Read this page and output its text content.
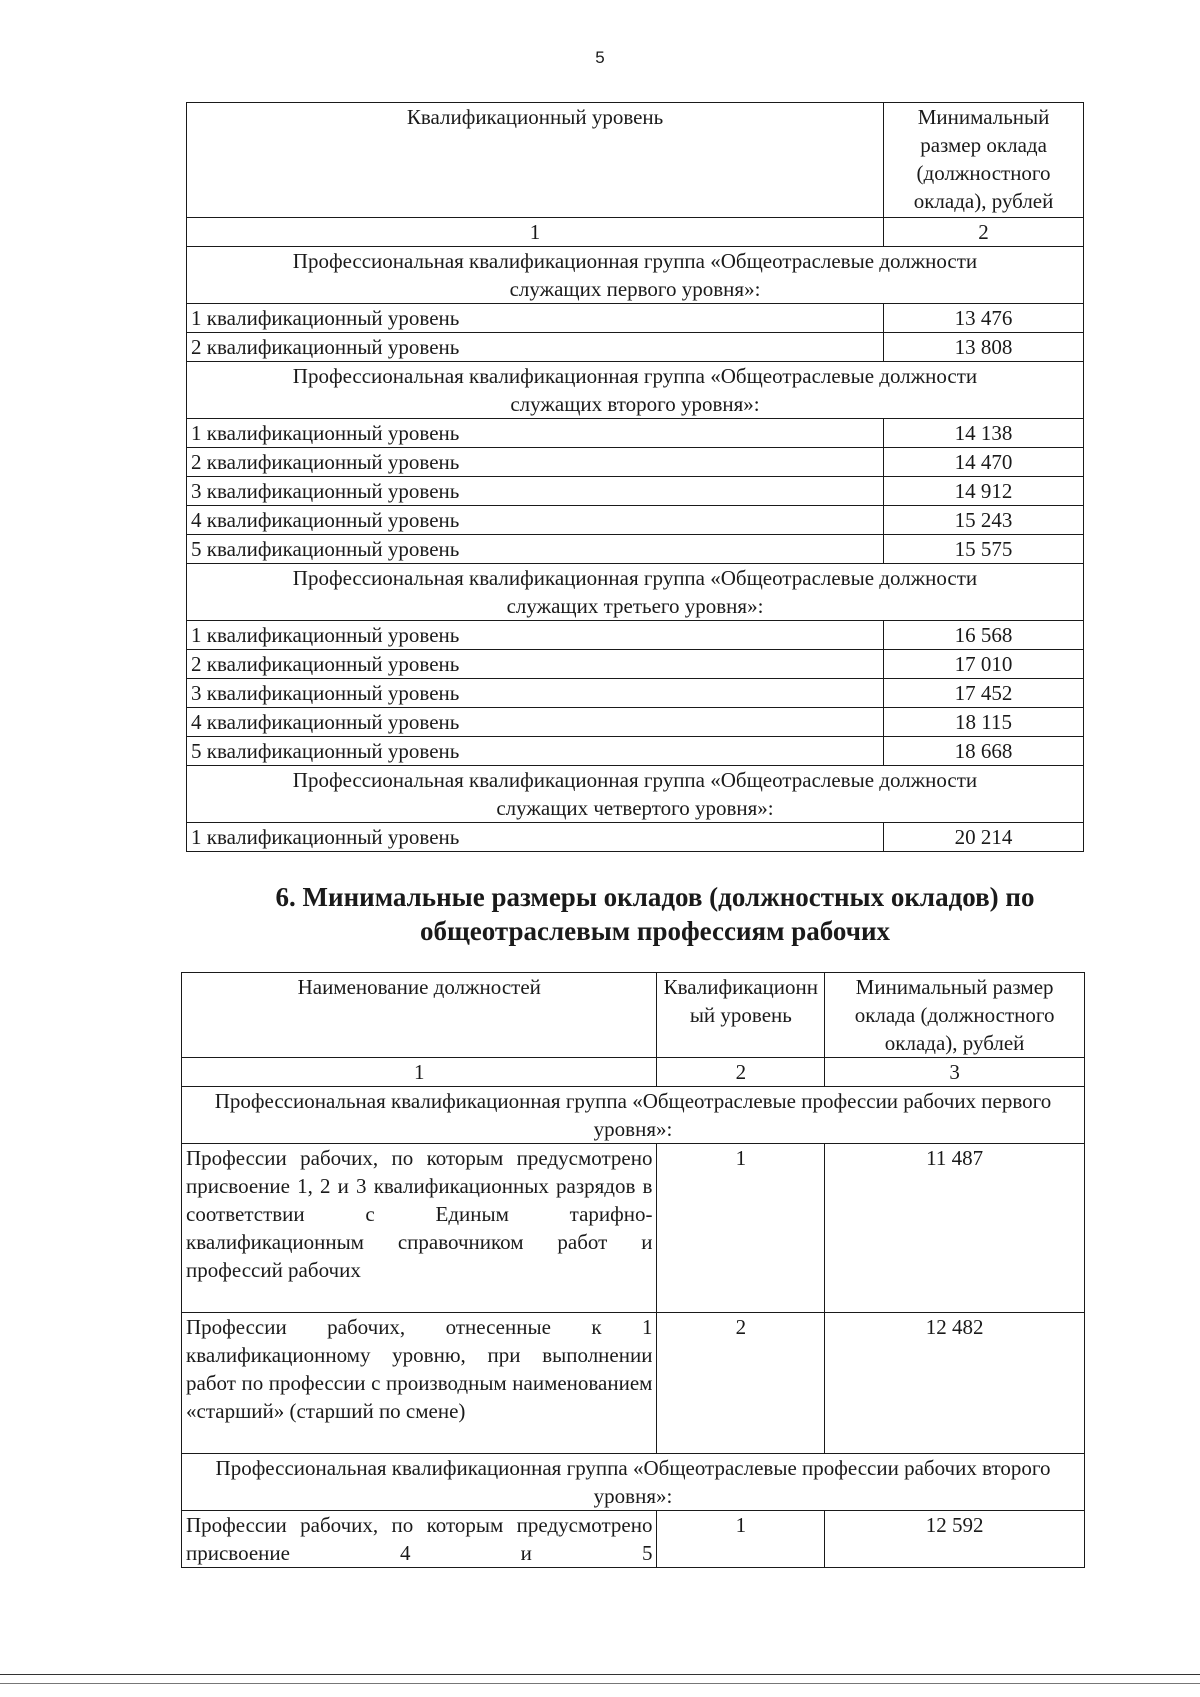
5
Квалификационный уровень	Минимальный размер оклада (должностного оклада), рублей
1	2
Профессиональная квалификационная группа «Общеотраслевые должности служащих первого уровня»:	
1 квалификационный уровень	13 476
2 квалификационный уровень	13 808
Профессиональная квалификационная группа «Общеотраслевые должности служащих второго уровня»:	
1 квалификационный уровень	14 138
2 квалификационный уровень	14 470
3 квалификационный уровень	14 912
4 квалификационный уровень	15 243
5 квалификационный уровень	15 575
Профессиональная квалификационная группа «Общеотраслевые должности служащих третьего уровня»:	
1 квалификационный уровень	16 568
2 квалификационный уровень	17 010
3 квалификационный уровень	17 452
4 квалификационный уровень	18 115
5 квалификационный уровень	18 668
Профессиональная квалификационная группа «Общеотраслевые должности служащих четвертого уровня»:	
1 квалификационный уровень	20 214
6. Минимальные размеры окладов (должностных окладов) по общеотраслевым профессиям рабочих
Наименование должностей	Квалификационный уровень	Минимальный размер оклада (должностного оклада), рублей
1	2	3
Профессиональная квалификационная группа «Общеотраслевые профессии рабочих первого уровня»:		
Профессии рабочих, по которым предусмотрено присвоение 1, 2 и 3 квалификационных разрядов в соответствии с Единым тарифно-квалификационным справочником работ и профессий рабочих	1	11 487
Профессии рабочих, отнесенные к 1 квалификационному уровню, при выполнении работ по профессии с производным наименованием «старший» (старший по смене)	2	12 482
Профессиональная квалификационная группа «Общеотраслевые профессии рабочих второго уровня»:		
Профессии рабочих, по которым предусмотрено присвоение 4 и 5	1	12 592
